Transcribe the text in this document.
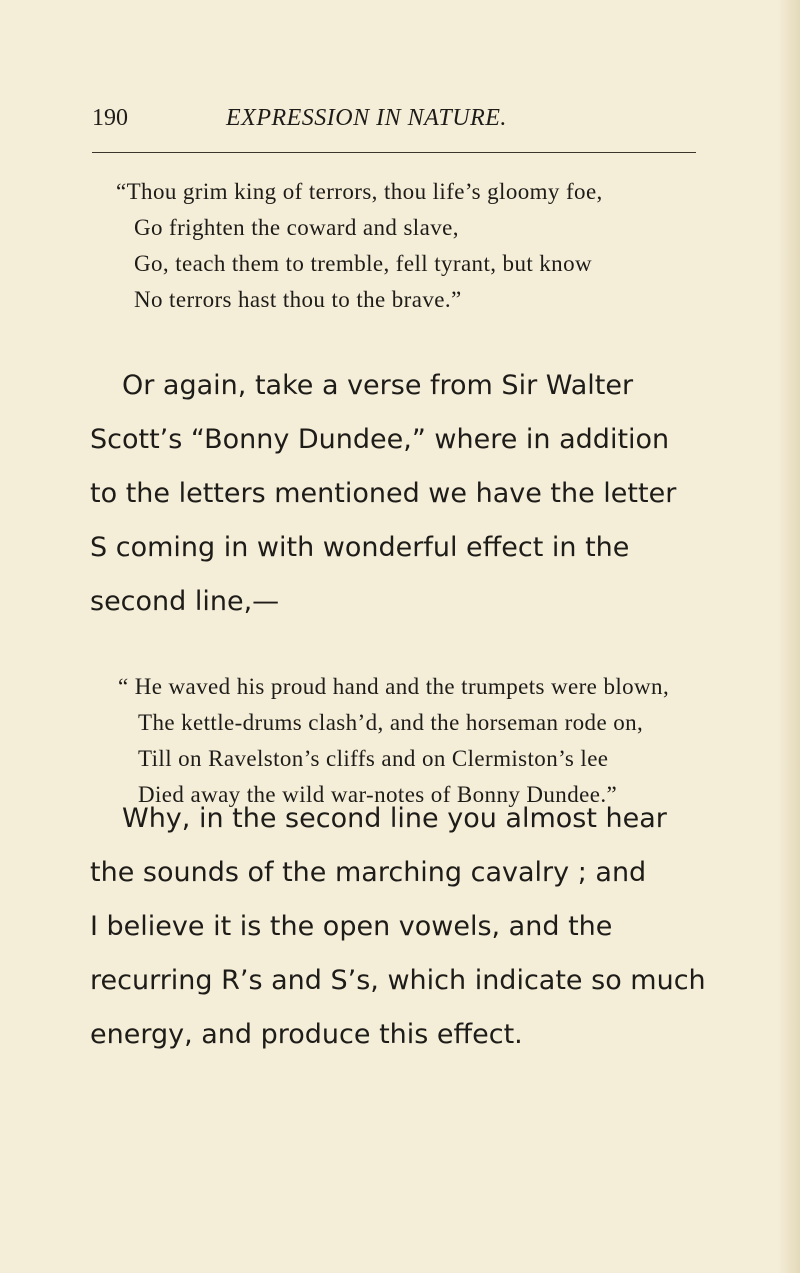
190	EXPRESSION IN NATURE.
“Thou grim king of terrors, thou life’s gloomy foe,
Go frighten the coward and slave,
Go, teach them to tremble, fell tyrant, but know
No terrors hast thou to the brave.”
Or again, take a verse from Sir Walter
Scott’s “Bonny Dundee,” where in addition
to the letters mentioned we have the letter
S coming in with wonderful effect in the
second line,—
“ He waved his proud hand and the trumpets were blown,
The kettle-drums clash’d, and the horseman rode on,
Till on Ravelston’s cliffs and on Clermiston’s lee
Died away the wild war-notes of Bonny Dundee.”
Why, in the second line you almost hear
the sounds of the marching cavalry ; and
I believe it is the open vowels, and the
recurring R’s and S’s, which indicate so much
energy, and produce this effect.
